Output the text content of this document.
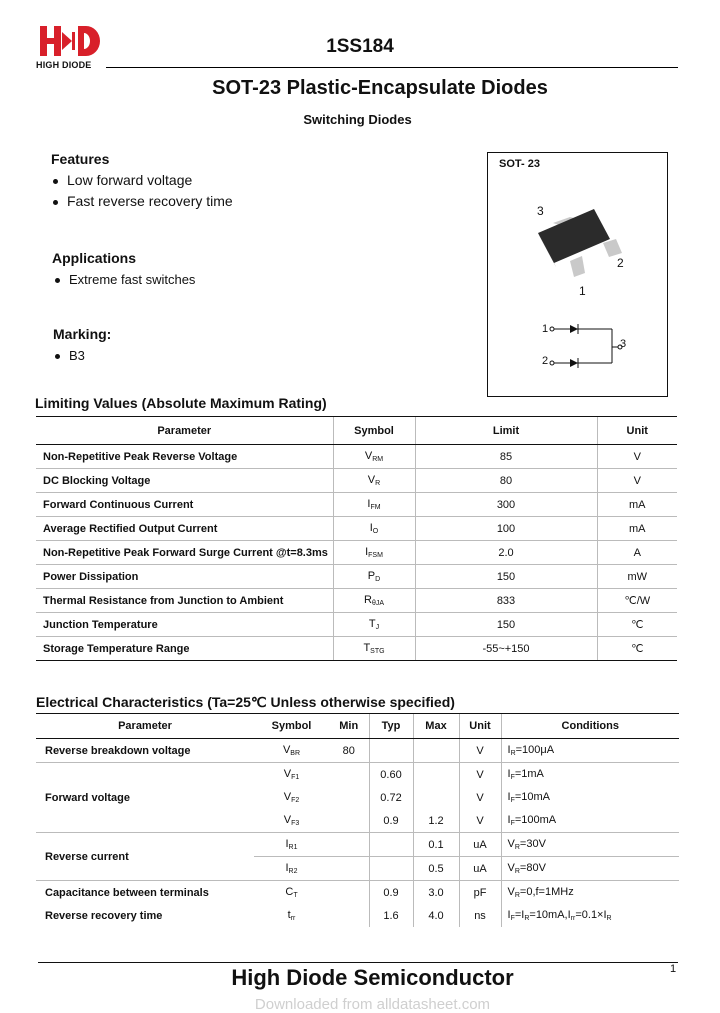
HIGH DIODE
1SS184
SOT-23 Plastic-Encapsulate Diodes
Switching Diodes
Features
Low forward voltage
Fast reverse recovery time
Applications
Extreme fast switches
Marking:
B3
SOT- 23
3
2
1
1
2
3
Limiting Values (Absolute Maximum Rating)
Parameter	Symbol	Limit	Unit
Non-Repetitive Peak Reverse Voltage	$V_{RM}$	85	V
DC Blocking Voltage	$V_R$	80	V
Forward Continuous Current	$I_{FM}$	300	mA
Average Rectified Output Current	$I_O$	100	mA
Non-Repetitive Peak Forward Surge Current @t=8.3ms	$I_{FSM}$	2.0	A
Power Dissipation	$P_D$	150	mW
Thermal Resistance from Junction to Ambient	$R_{\theta JA}$	833	℃/W
Junction Temperature	$T_J$	150	℃
Storage Temperature Range	$T_{STG}$	-55~+150	℃
Electrical Characteristics (Ta=25℃ Unless otherwise specified)
Parameter	Symbol	Min	Typ	Max	Unit	Conditions
Reverse breakdown voltage	$V_{BR}$	80			V	$I_R=100\mu A$
Forward voltage	$V_{F1}$		0.60		V	$I_F=1mA$
	$V_{F2}$		0.72		V	$I_F=10mA$
	$V_{F3}$		0.9	1.2	V	$I_F=100mA$
Reverse current	$I_{R1}$			0.1	uA	$V_R=30V$
	$I_{R2}$			0.5	uA	$V_R=80V$
Capacitance between terminals	$C_T$		0.9	3.0	pF	$V_R=0,f=1MHz$
Reverse recovery time	$t_{rr}$		1.6	4.0	ns	$I_F=I_R=10mA,I_{rr}=0.1\times I_R$
1
High Diode Semiconductor
Downloaded from alldatasheet.com
